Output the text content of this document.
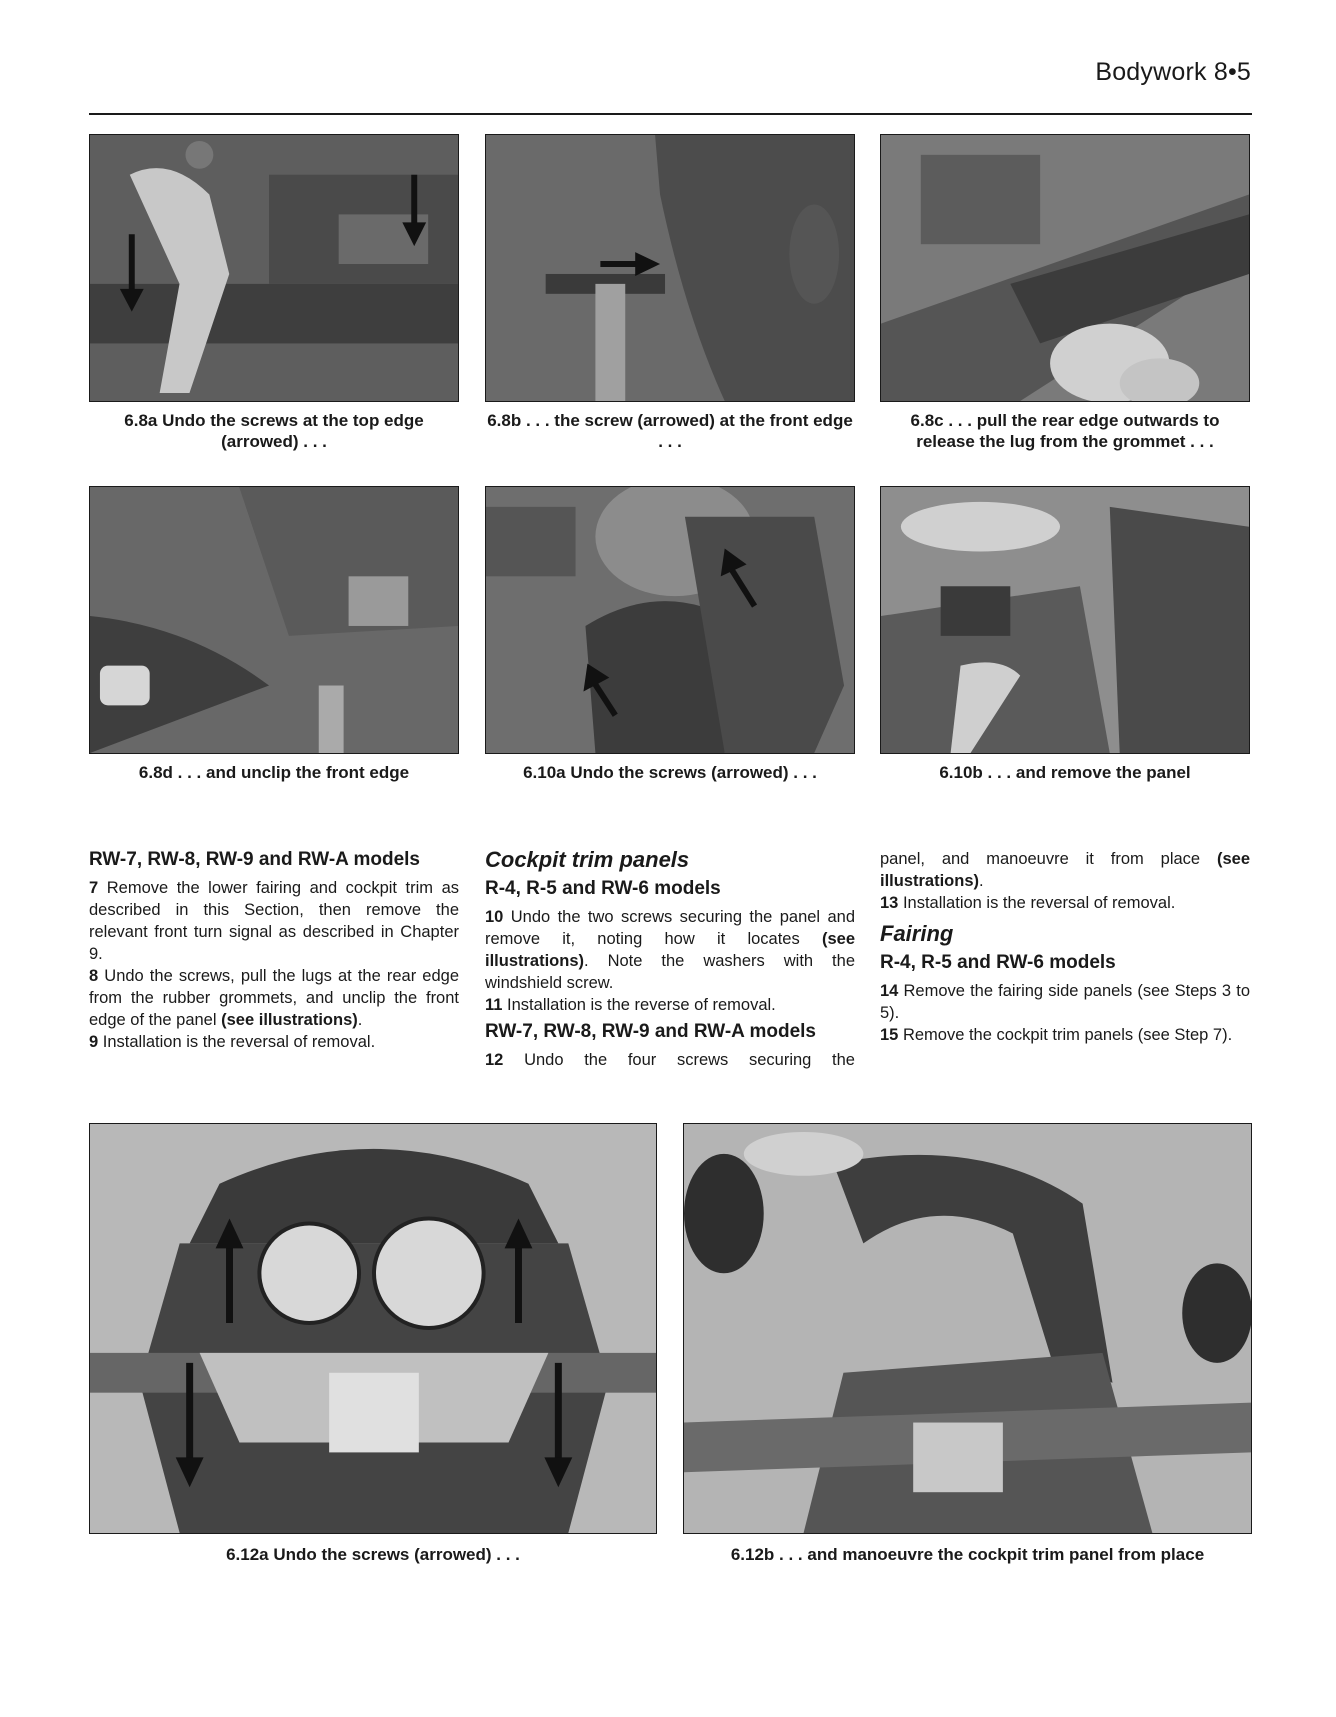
Bodywork 8•5
6.8a Undo the screws at the top edge (arrowed) . . .
6.8b . . . the screw (arrowed) at the front edge . . .
6.8c . . . pull the rear edge outwards to release the lug from the grommet . . .
6.8d . . . and unclip the front edge	6.10a Undo the screws (arrowed) . . .	6.10b . . . and remove the panel
RW-7, RW-8, RW-9 and RW-A models

7 Remove the lower fairing and cockpit trim as described in this Section, then remove the relevant front turn signal as described in Chapter 9.

8 Undo the screws, pull the lugs at the rear edge from the rubber grommets, and unclip the front edge of the panel (see illustrations).

9 Installation is the reversal of removal.

Cockpit trim panels
R-4, R-5 and RW-6 models

10 Undo the two screws securing the panel and remove it, noting how it locates (see illustrations). Note the washers with the windshield screw.

11 Installation is the reverse of removal.

RW-7, RW-8, RW-9 and RW-A models

12 Undo the four screws securing the

panel, and manoeuvre it from place (see illustrations).

13 Installation is the reversal of removal.

Fairing
R-4, R-5 and RW-6 models

14 Remove the fairing side panels (see Steps 3 to 5).

15 Remove the cockpit trim panels (see Step 7).

6.12a Undo the screws (arrowed) . . .	6.12b . . . and manoeuvre the cockpit trim panel from place
